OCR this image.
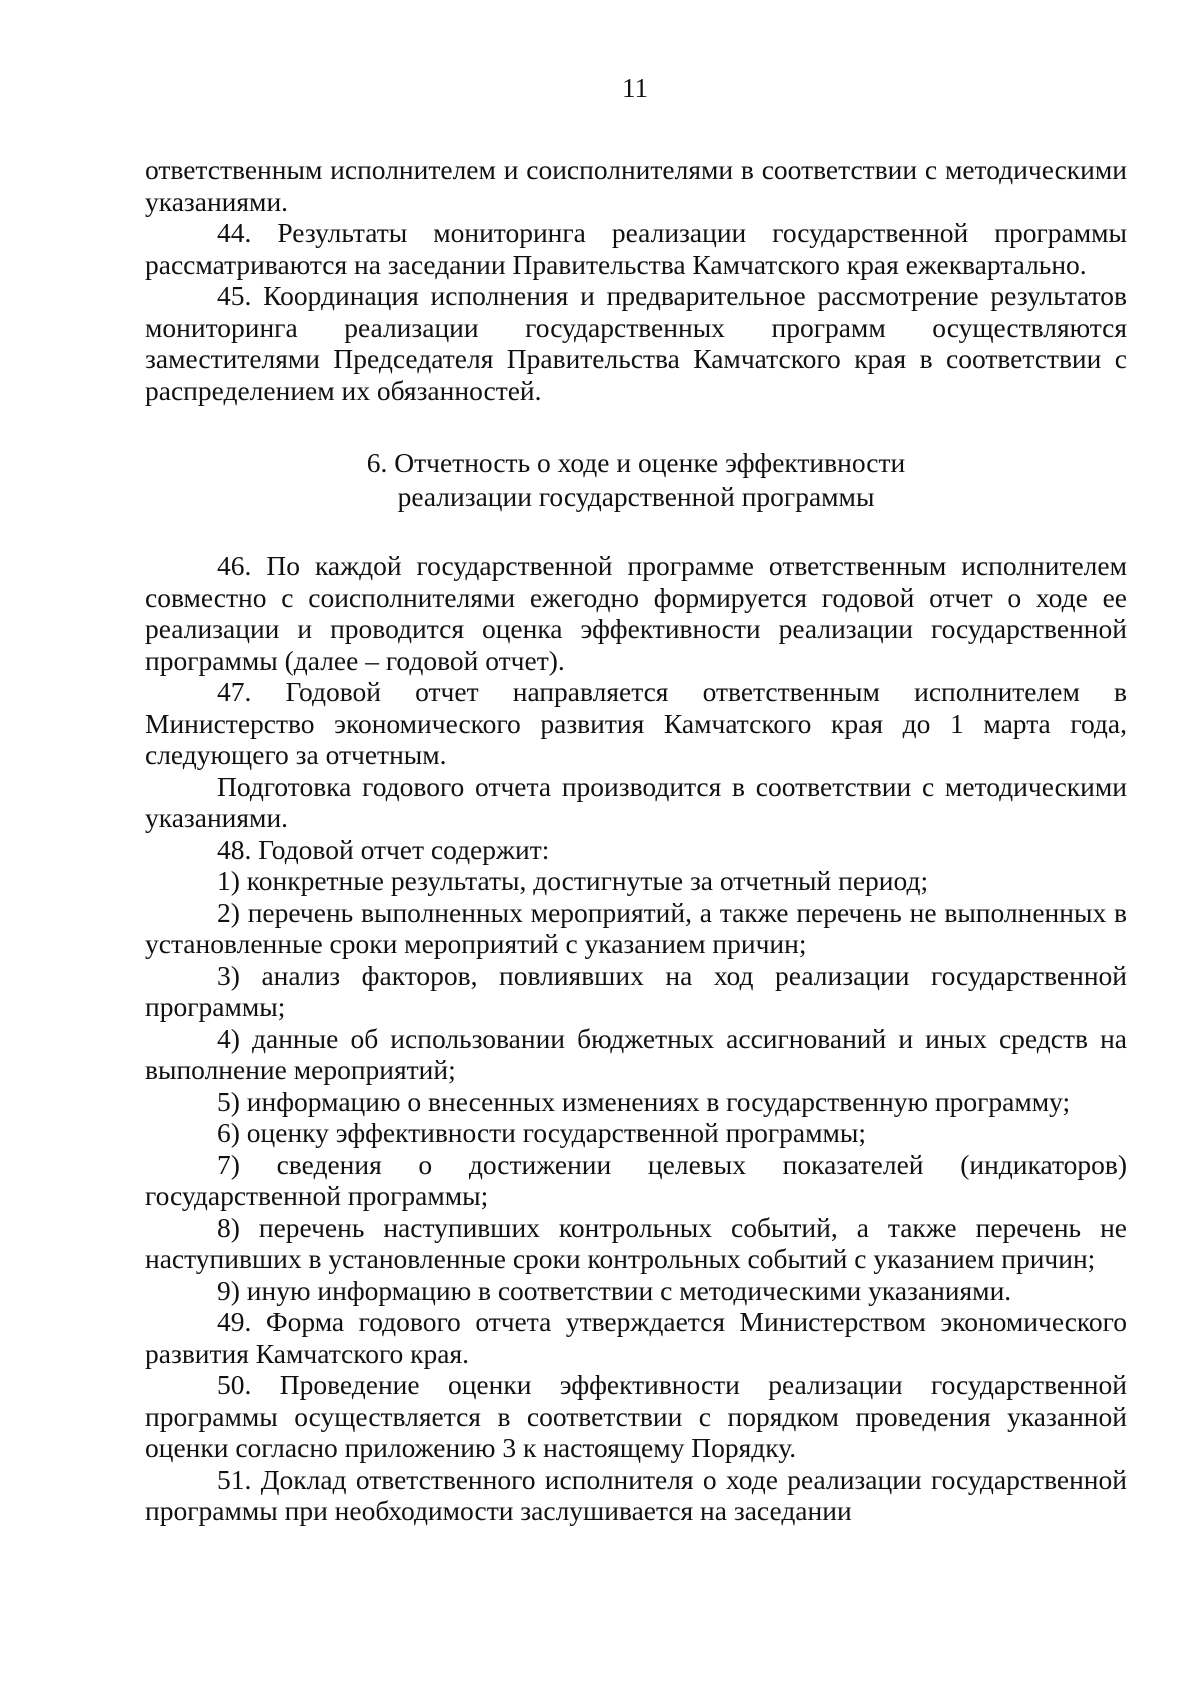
11

ответственным исполнителем и соисполнителями в соответствии с методическими указаниями.

44. Результаты мониторинга реализации государственной программы рассматриваются на заседании Правительства Камчатского края ежеквартально.

45. Координация исполнения и предварительное рассмотрение результатов мониторинга реализации государственных программ осуществляются заместителями Председателя Правительства Камчатского края в соответствии с распределением их обязанностей.

6. Отчетность о ходе и оценке эффективности
реализации государственной программы

46. По каждой государственной программе ответственным исполнителем совместно с соисполнителями ежегодно формируется годовой отчет о ходе ее реализации и проводится оценка эффективности реализации государственной программы (далее – годовой отчет).

47. Годовой отчет направляется ответственным исполнителем в Министерство экономического развития Камчатского края до 1 марта года, следующего за отчетным.

Подготовка годового отчета производится в соответствии с методическими указаниями.

48. Годовой отчет содержит:

1) конкретные результаты, достигнутые за отчетный период;

2) перечень выполненных мероприятий, а также перечень не выполненных в установленные сроки мероприятий с указанием причин;

3) анализ факторов, повлиявших на ход реализации государственной программы;

4) данные об использовании бюджетных ассигнований и иных средств на выполнение мероприятий;

5) информацию о внесенных изменениях в государственную программу;

6) оценку эффективности государственной программы;

7) сведения о достижении целевых показателей (индикаторов) государственной программы;

8) перечень наступивших контрольных событий, а также перечень не наступивших в установленные сроки контрольных событий с указанием причин;

9) иную информацию в соответствии с методическими указаниями.

49. Форма годового отчета утверждается Министерством экономического развития Камчатского края.

50. Проведение оценки эффективности реализации государственной программы осуществляется в соответствии с порядком проведения указанной оценки согласно приложению 3 к настоящему Порядку.

51. Доклад ответственного исполнителя о ходе реализации государственной программы при необходимости заслушивается на заседании
